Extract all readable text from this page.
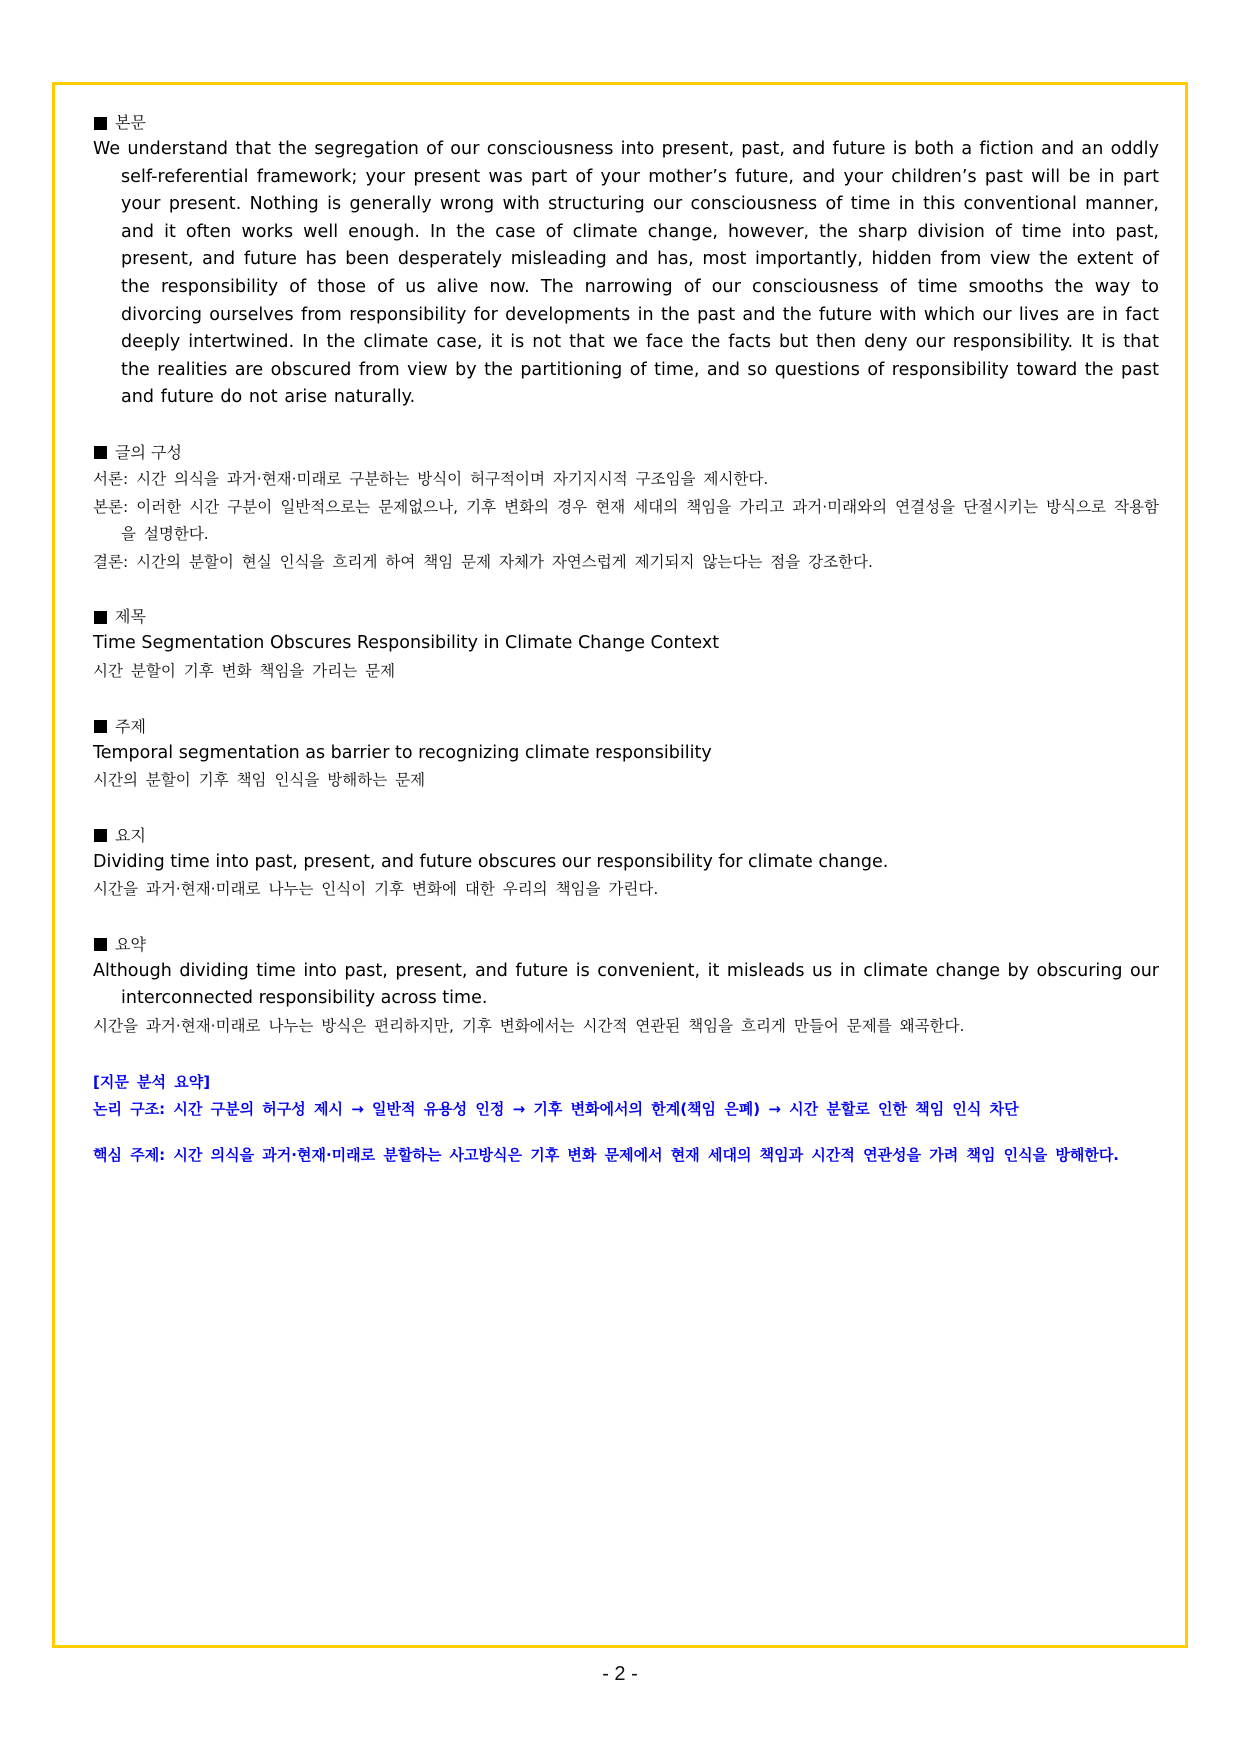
본문
We understand that the segregation of our consciousness into present, past, and future is both a fiction and an oddly self-referential framework; your present was part of your mother’s future, and your children’s past will be in part your present. Nothing is generally wrong with structuring our consciousness of time in this conventional manner, and it often works well enough. In the case of climate change, however, the sharp division of time into past, present, and future has been desperately misleading and has, most importantly, hidden from view the extent of the responsibility of those of us alive now. The narrowing of our consciousness of time smooths the way to divorcing ourselves from responsibility for developments in the past and the future with which our lives are in fact deeply intertwined. In the climate case, it is not that we face the facts but then deny our responsibility. It is that the realities are obscured from view by the partitioning of time, and so questions of responsibility toward the past and future do not arise naturally.
글의 구성
서론: 시간 의식을 과거·현재·미래로 구분하는 방식이 허구적이며 자기지시적 구조임을 제시한다.
본론: 이러한 시간 구분이 일반적으로는 문제없으나, 기후 변화의 경우 현재 세대의 책임을 가리고 과거·미래와의 연결성을 단절시키는 방식으로 작용함을 설명한다.
결론: 시간의 분할이 현실 인식을 흐리게 하여 책임 문제 자체가 자연스럽게 제기되지 않는다는 점을 강조한다.
제목
Time Segmentation Obscures Responsibility in Climate Change Context
시간 분할이 기후 변화 책임을 가리는 문제
주제
Temporal segmentation as barrier to recognizing climate responsibility
시간의 분할이 기후 책임 인식을 방해하는 문제
요지
Dividing time into past, present, and future obscures our responsibility for climate change.
시간을 과거·현재·미래로 나누는 인식이 기후 변화에 대한 우리의 책임을 가린다.
요약
Although dividing time into past, present, and future is convenient, it misleads us in climate change by obscuring our interconnected responsibility across time.
시간을 과거·현재·미래로 나누는 방식은 편리하지만, 기후 변화에서는 시간적 연관된 책임을 흐리게 만들어 문제를 왜곡한다.
[지문 분석 요약]
논리 구조: 시간 구분의 허구성 제시 → 일반적 유용성 인정 → 기후 변화에서의 한계(책임 은폐) → 시간 분할로 인한 책임 인식 차단
핵심 주제: 시간 의식을 과거·현재·미래로 분할하는 사고방식은 기후 변화 문제에서 현재 세대의 책임과 시간적 연관성을 가려 책임 인식을 방해한다.
- 2 -
